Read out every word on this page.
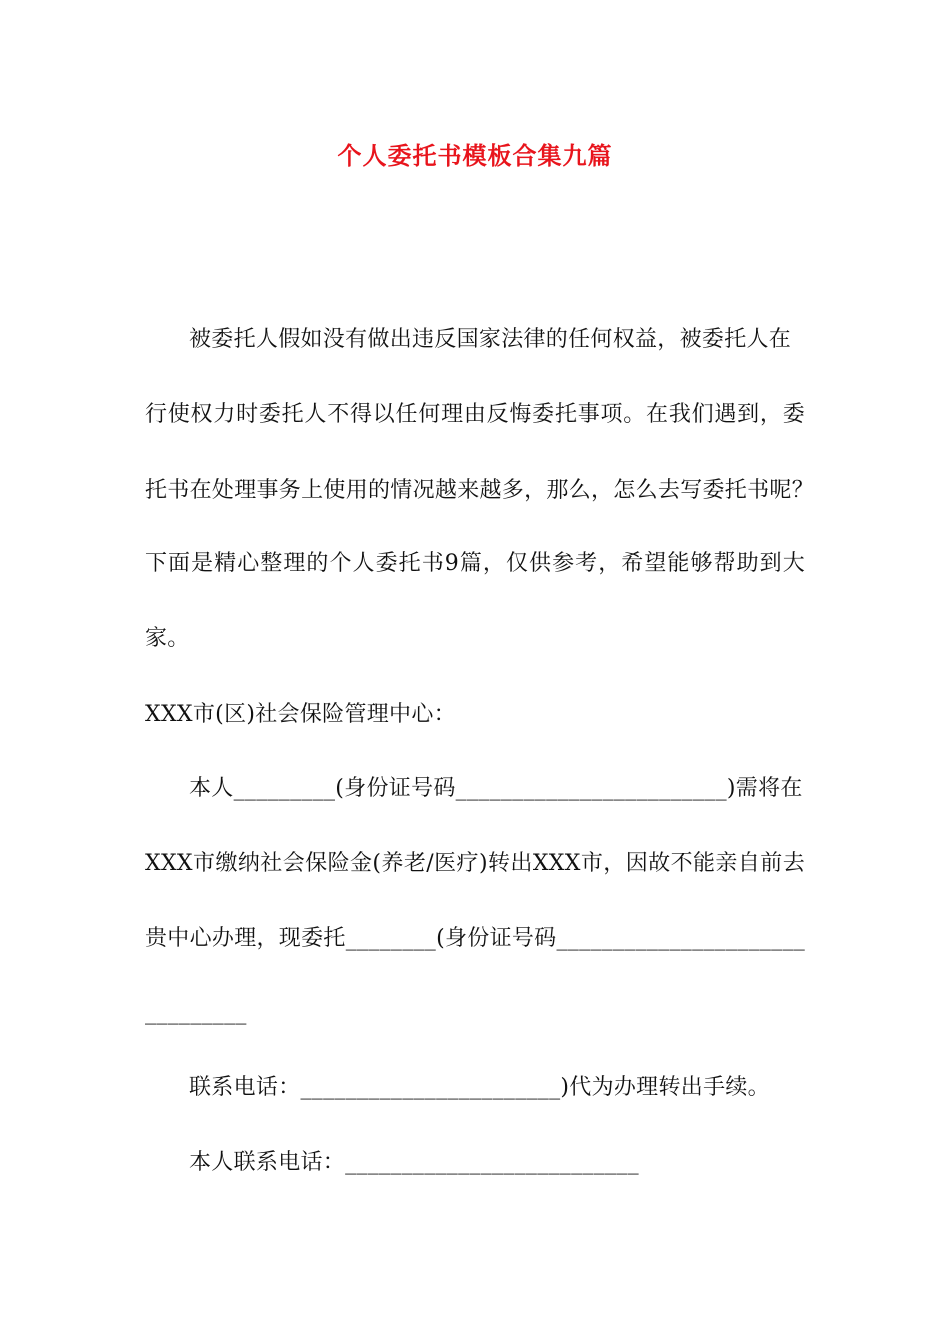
个人委托书模板合集九篇
被委托人假如没有做出违反国家法律的任何权益，被委托人在
行使权力时委托人不得以任何理由反悔委托事项。在我们遇到，委
托书在处理事务上使用的情况越来越多，那么，怎么去写委托书呢？
下面是精心整理的个人委托书9篇，仅供参考，希望能够帮助到大
家。
XXX市(区)社会保险管理中心：
本人_________(身份证号码________________________)需将在
XXX市缴纳社会保险金(养老/医疗)转出XXX市，因故不能亲自前去
贵中心办理，现委托________(身份证号码______________________
_________
联系电话：_______________________)代为办理转出手续。
本人联系电话：__________________________
